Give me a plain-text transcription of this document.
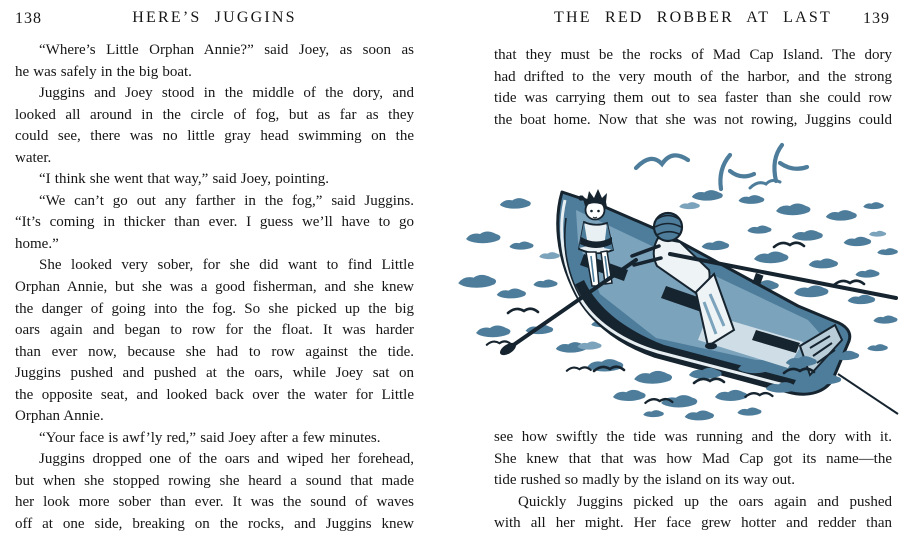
138	HERE’S JUGGINS
“Where’s Little Orphan Annie?” said Joey, as soon as
he was safely in the big boat.
Juggins and Joey stood in the middle of the dory, and
looked all around in the circle of fog, but as far as they
could see, there was no little gray head swimming on the
water.
“I think she went that way,” said Joey, pointing.
“We can’t go out any farther in the fog,” said Juggins.
“It’s coming in thicker than ever. I guess we’ll have to go
home.”
She looked very sober, for she did want to find Little
Orphan Annie, but she was a good fisherman, and she knew
the danger of going into the fog. So she picked up the big
oars again and began to row for the float. It was harder
than ever now, because she had to row against the tide.
Juggins pushed and pushed at the oars, while Joey sat on
the opposite seat, and looked back over the water for Little
Orphan Annie.
“Your face is awf’ly red,” said Joey after a few minutes.
Juggins dropped one of the oars and wiped her forehead,
but when she stopped rowing she heard a sound that made
her look more sober than ever. It was the sound of waves
off at one side, breaking on the rocks, and Juggins knew
THE RED ROBBER AT LAST	139
that they must be the rocks of Mad Cap Island. The dory
had drifted to the very mouth of the harbor, and the strong
tide was carrying them out to sea faster than she could row
the boat home. Now that she was not rowing, Juggins could
see how swiftly the tide was running and the dory with it.
She knew that that was how Mad Cap got its name—the
tide rushed so madly by the island on its way out.
Quickly Juggins picked up the oars again and pushed
with all her might. Her face grew hotter and redder than
